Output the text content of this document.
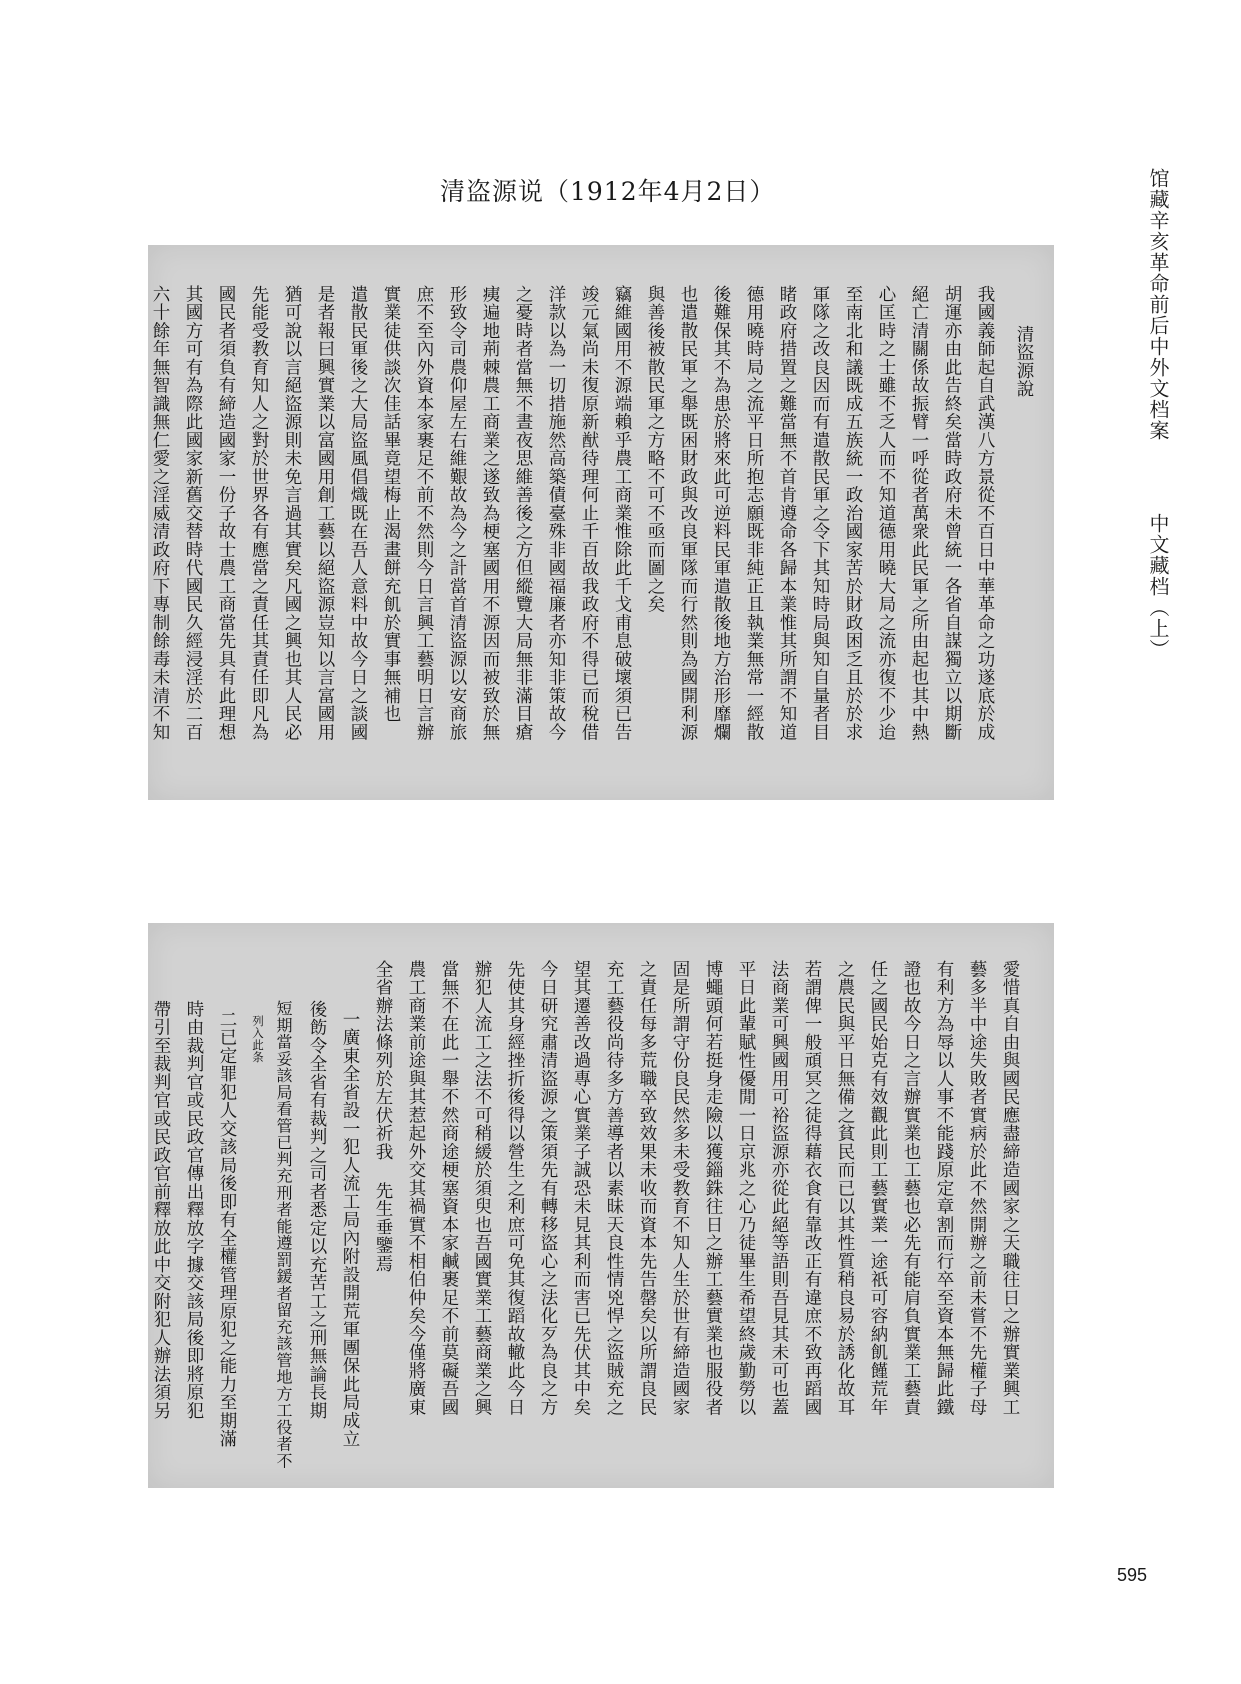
清盗源说（1912年4月2日）	馆藏辛亥革命前后中外文档案  中文藏档（上）
清盜源說
我國義師起自武漢八方景從不百日中華革命之功遂底於成
胡運亦由此告終矣當時政府未曾統一各省自謀獨立以期斷
絕亡清關係故振臂一呼從者萬衆此民軍之所由起也其中熱
心匡時之士雖不乏人而不知道德用曉大局之流亦復不少迨
至南北和議既成五族統一政治國家苦於財政困乏且於於求
軍隊之改良因而有遣散民軍之令下其知時局與知自量者目
睹政府措置之難當無不首肯遵命各歸本業惟其所謂不知道
德用曉時局之流平日所抱志願既非純正且執業無常一經散
後難保其不為患於將來此可逆料民軍遣散後地方治形靡爛
也遣散民軍之舉既困財政與改良軍隊而行然則為國開利源
與善後被散民軍之方略不可不亟而圖之矣
竊維國用不源端賴乎農工商業惟除此千戈甫息破壞須已告
竣元氣尚未復原新猷待理何止千百故我政府不得已而稅借
洋款以為一切措施然高築債臺殊非國福廉者亦知非策故今
之憂時者當無不晝夜思維善後之方但縱覽大局無非滿目瘡
痍遍地荊棘農工商業之遂致為梗塞國用不源因而被致於無
形致令司農仰屋左右維艱故為今之計當首清盜源以安商旅
庶不至內外資本家裹足不前不然則今日言興工藝明日言辦
實業徒供談次佳話畢竟望梅止渴畫餅充飢於實事無補也
遣散民軍後之大局盜風倡熾既在吾人意料中故今日之談國
是者報曰興實業以富國用創工藝以絕盜源豈知以言富國用
猶可說以言絕盜源則未免言過其實矣凡國之興也其人民必
先能受教育知人之對於世界各有應當之責任其責任即凡為
國民者須負有締造國家一份子故士農工商當先具有此理想
其國方可有為際此國家新舊交替時代國民久經浸淫於二百
六十餘年無智識無仁愛之淫威清政府下專制餘毒未清不知
愛惜真自由與國民應盡締造國家之天職往日之辦實業興工
藝多半中途失敗者實病於此不然開辦之前未嘗不先權子母
有利方為辱以人事不能踐原定章割而行卒至資本無歸此鐵
證也故今日之言辦實業也工藝也必先有能肩負實業工藝責
任之國民始克有效觀此則工藝實業一途祇可容納飢饉荒年
之農民與平日無備之貧民而已以其性質稍良易於誘化故耳
若謂俾一般頑冥之徒得藉衣食有靠改正有違庶不致再蹈國
法商業可興國用可裕盜源亦從此絕等語則吾見其未可也蓋
平日此輩賦性優閒一日京兆之心乃徒畢生希望終歲勤勞以
博蠅頭何若挺身走險以獲錙銖往日之辦工藝實業也服役者
固是所謂守份良民然多未受教育不知人生於世有締造國家
之責任每多荒職卒致效果未收而資本先告罄矣以所謂良民
充工藝役尚待多方善導者以素昧天良性情兇悍之盜賊充之
望其遷善改過專心實業子誠恐未見其利而害已先伏其中矣
今日研究肅清盜源之策須先有轉移盜心之法化歹為良之方
先使其身經挫折後得以營生之利庶可免其復蹈故轍此今日
辦犯人流工之法不可稍緩於須臾也吾國實業工藝商業之興
當無不在此一舉不然商途梗塞資本家鹹裹足不前莫礙吾國
農工商業前途與其惹起外交其禍實不相伯仲矣今僅將廣東
全省辦法條列於左伏祈我 先生垂鑒焉
一廣東全省設一犯人流工局內附設開荒軍團保此局成立
後飭令全省有裁判之司者悉定以充苦工之刑無論長期
短期當妥該局看管已判充刑者能遵罰鍰者留充該管地方工役者不
列入此条
二已定罪犯人交該局後即有全權管理原犯之能力至期滿
時由裁判官或民政官傳出釋放字據交該局後即將原犯
帶引至裁判官或民政官前釋放此中交附犯人辦法須另
595
